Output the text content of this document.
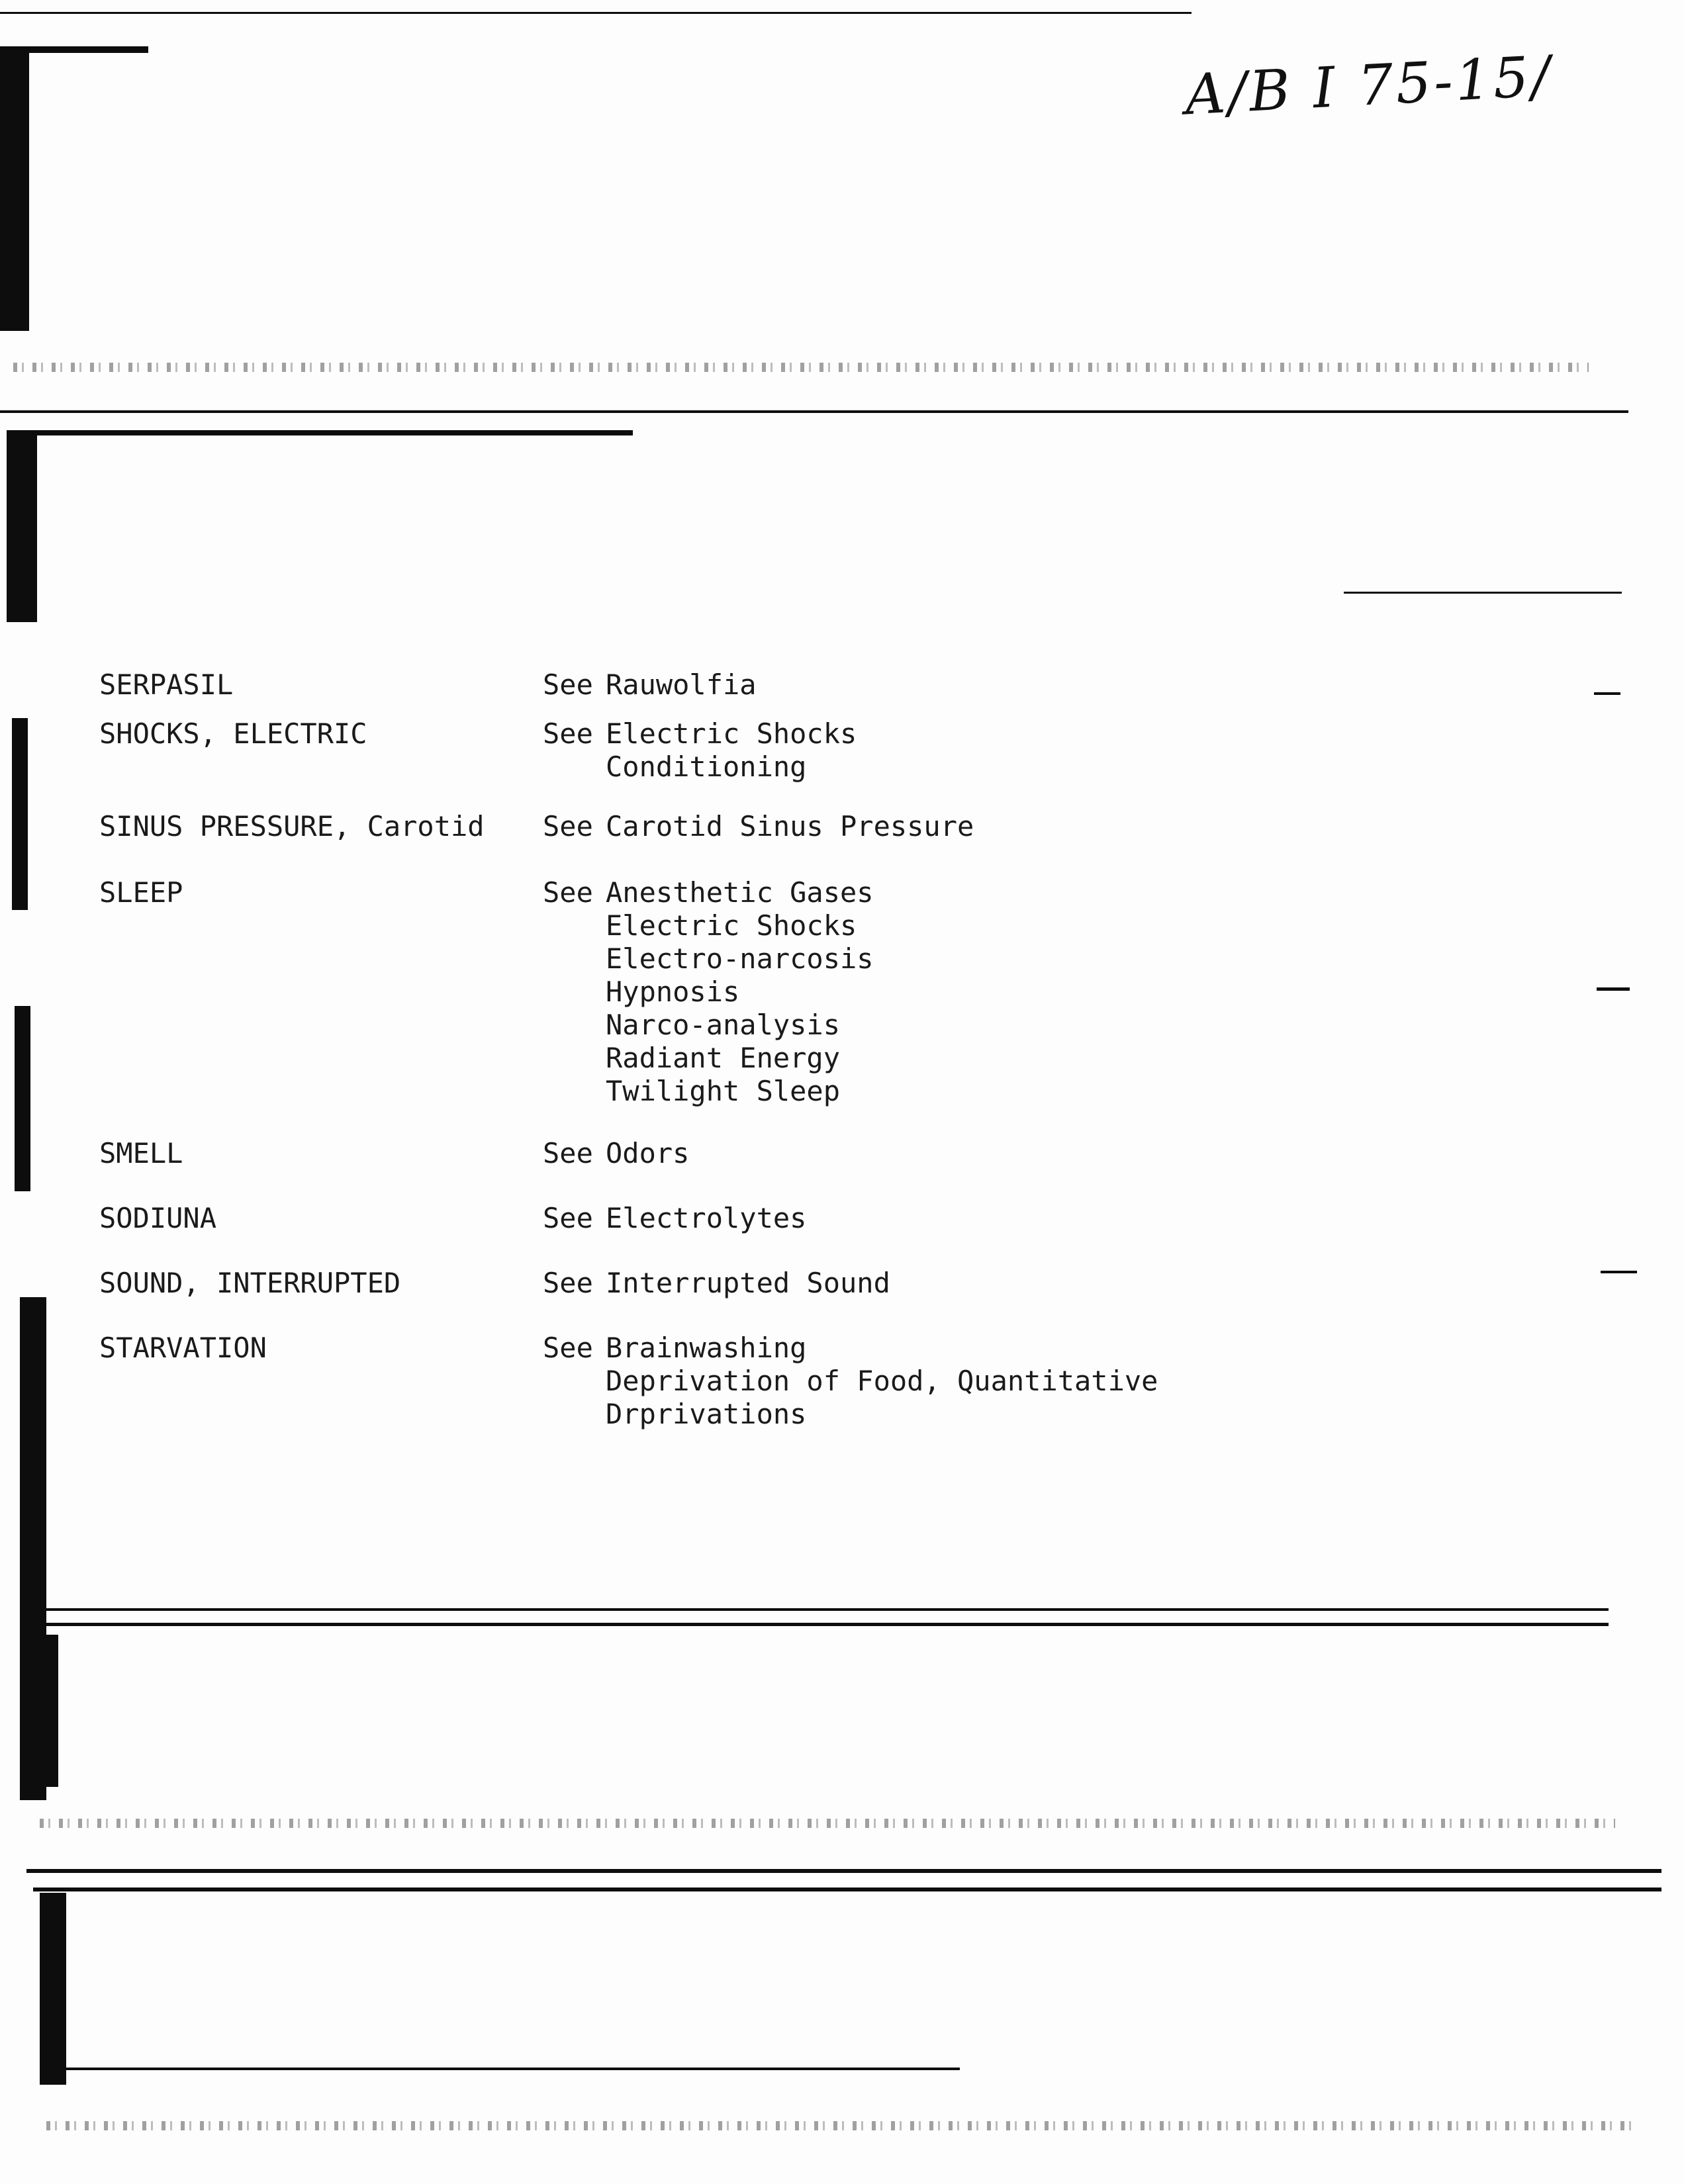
A/B I 75-15/
SERPASIL	See Rauwolfia
SHOCKS, ELECTRIC	See Electric Shocks
Conditioning
SINUS PRESSURE, Carotid See Carotid Sinus Pressure
SLEEP	See Anesthetic Gases
Electric Shocks
Electro-narcosis
Hypnosis
Narco-analysis
Radiant Energy
Twilight Sleep
SMELL	See Odors
SODIUNA	See Electrolytes
SOUND, INTERRUPTED	See Interrupted Sound
STARVATION	See Brainwashing
Deprivation of Food, Quantitative
Drprivations
